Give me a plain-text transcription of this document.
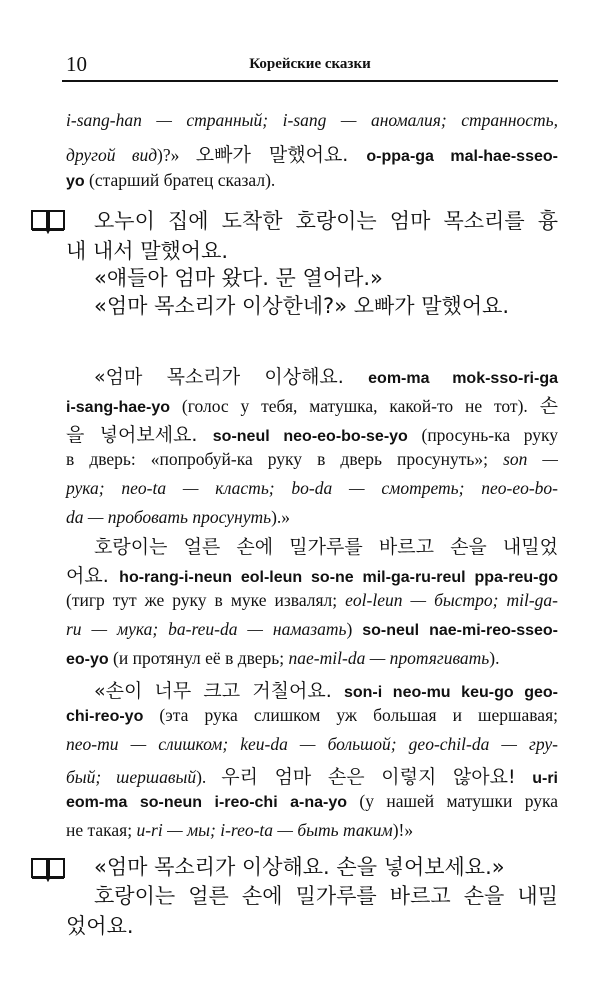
10	Корейские сказки
i-sang-han — странный; i-sang — аномалия; странность,
другой вид)?» 오빠가 말했어요. o-ppa-ga mal-hae-sseo-
yo (старший братец сказал).
오누이 집에 도착한 호랑이는 엄마 목소리를 흉
내 내서 말했어요.
«얘들아 엄마 왔다. 문 열어라.»
«엄마 목소리가 이상한네?» 오빠가 말했어요.
«엄마 목소리가 이상해요. eom-ma mok-sso-ri-ga
i-sang-hae-yo (голос у тебя, матушка, какой-то не тот). 손
을 넣어보세요. so-neul neo-eo-bo-se-yo (просунь-ка руку
в дверь: «попробуй-ка руку в дверь просунуть»; son —
рука; neo-ta — класть; bo-da — смотреть; neo-eo-bo-
da — пробовать просунуть).»
호랑이는 얼른 손에 밀가루를 바르고 손을 내밀었
어요. ho-rang-i-neun eol-leun so-ne mil-ga-ru-reul ppa-reu-go
(тигр тут же руку в муке извалял; eol-leun — быстро; mil-ga-
ru — мука; ba-reu-da — намазать) so-neul nae-mi-reo-sseo-
eo-yo (и протянул её в дверь; nae-mil-da — протягивать).
«손이 너무 크고 거칠어요. son-i neo-mu keu-go geo-
chi-reo-yo (эта рука слишком уж большая и шершавая;
neo-mu — слишком; keu-da — большой; geo-chil-da — гру-
бый; шершавый). 우리 엄마 손은 이렇지 않아요! u-ri
eom-ma so-neun i-reo-chi a-na-yo (у нашей матушки рука
не такая; u-ri — мы; i-reo-ta — быть таким)!»
«엄마 목소리가 이상해요. 손을 넣어보세요.»
호랑이는 얼른 손에 밀가루를 바르고 손을 내밀
었어요.
